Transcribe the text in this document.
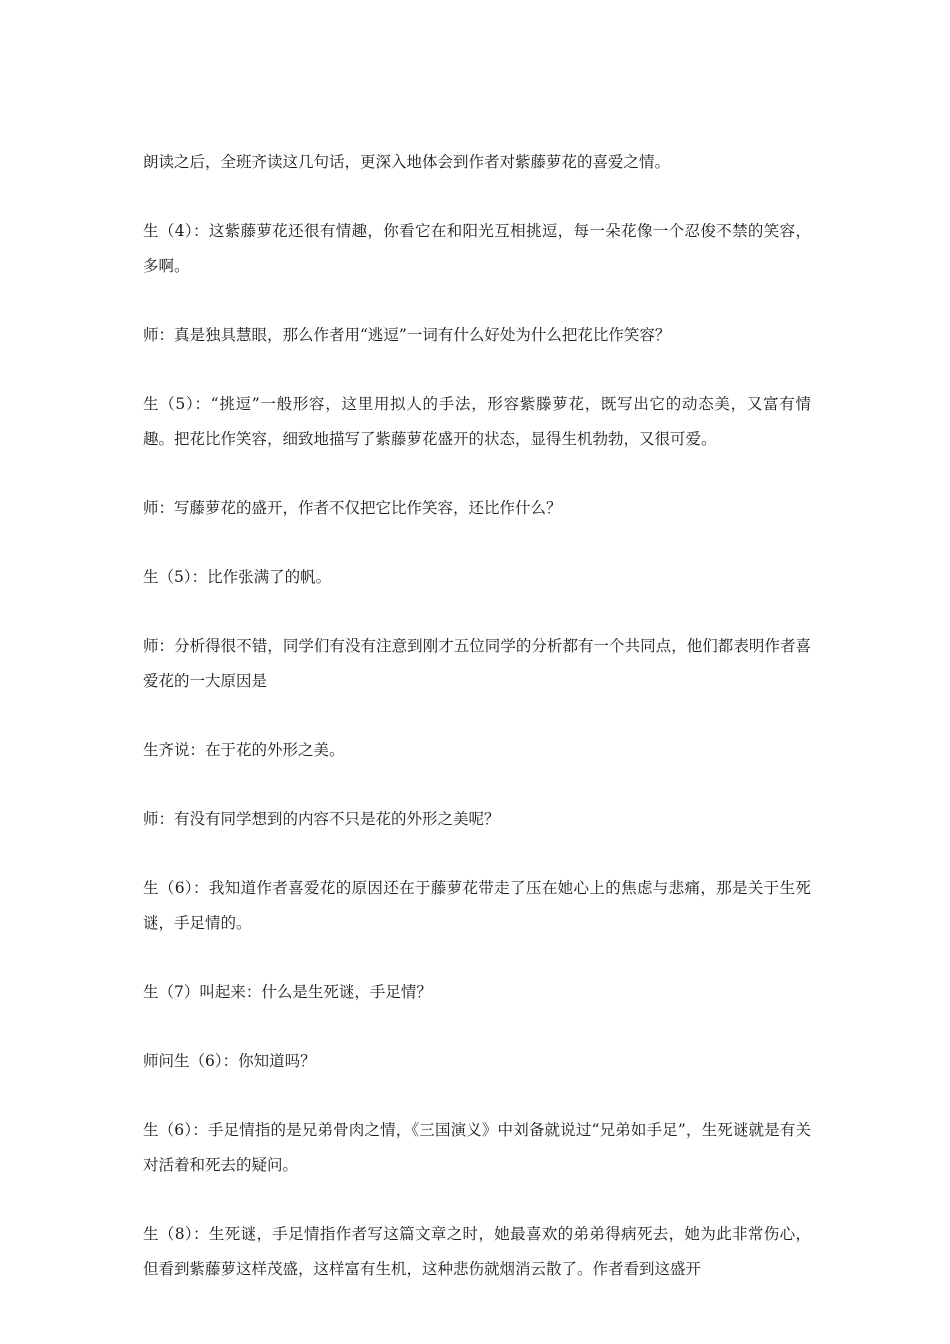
朗读之后，全班齐读这几句话，更深入地体会到作者对紫藤萝花的喜爱之情。

生（4）：这紫藤萝花还很有情趣，你看它在和阳光互相挑逗，每一朵花像一个忍俊不禁的笑容，多啊。

师：真是独具慧眼，那么作者用“逃逗”一词有什么好处为什么把花比作笑容？

生（5）：“挑逗”一般形容，这里用拟人的手法，形容紫滕萝花，既写出它的动态美，又富有情趣。把花比作笑容，细致地描写了紫藤萝花盛开的状态，显得生机勃勃，又很可爱。

师：写藤萝花的盛开，作者不仅把它比作笑容，还比作什么？

生（5）：比作张满了的帆。

师：分析得很不错，同学们有没有注意到刚才五位同学的分析都有一个共同点，他们都表明作者喜爱花的一大原因是

生齐说：在于花的外形之美。

师：有没有同学想到的内容不只是花的外形之美呢？

生（6）：我知道作者喜爱花的原因还在于藤萝花带走了压在她心上的焦虑与悲痛，那是关于生死谜，手足情的。

生（7）叫起来：什么是生死谜，手足情？

师问生（6）：你知道吗？

生（6）：手足情指的是兄弟骨肉之情，《三国演义》中刘备就说过“兄弟如手足”，生死谜就是有关对活着和死去的疑问。

生（8）：生死谜，手足情指作者写这篇文章之时，她最喜欢的弟弟得病死去，她为此非常伤心，但看到紫藤萝这样茂盛，这样富有生机，这种悲伤就烟消云散了。作者看到这盛开
